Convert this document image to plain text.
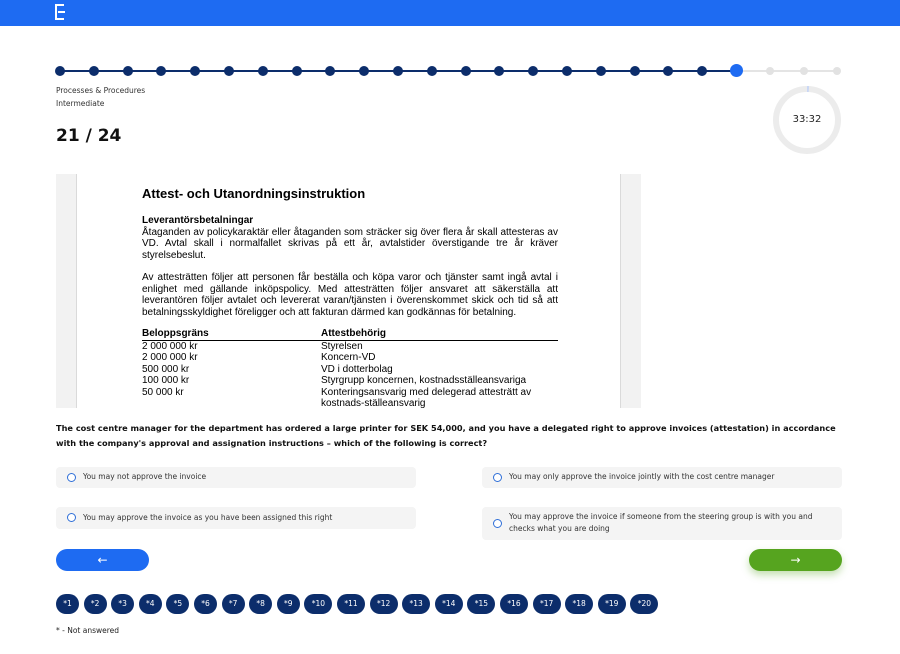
Processes & Procedures
Intermediate
21 / 24
33:32
Attest- och Utanordningsinstruktion
Leverantörsbetalningar
Åtaganden av policykaraktär eller åtaganden som sträcker sig över flera år skall attesteras av VD. Avtal skall i normalfallet skrivas på ett år, avtalstider överstigande tre år kräver styrelsebeslut.
Av attesträtten följer att personen får beställa och köpa varor och tjänster samt ingå avtal i enlighet med gällande inköpspolicy. Med attesträtten följer ansvaret att säkerställa att leverantören följer avtalet och levererat varan/tjänsten i överenskommet skick och tid så att betalningsskyldighet föreligger och att fakturan därmed kan godkännas för betalning.
Beloppsgräns	Attestbehörig
2 000 000 kr	Styrelsen
2 000 000 kr	Koncern-VD
500 000 kr	VD i dotterbolag
100 000 kr	Styrgrupp koncernen, kostnadsställeansvariga
50 000 kr	Konteringsansvarig med delegerad attesträtt av kostnads-ställeansvarig
The cost centre manager for the department has ordered a large printer for SEK 54,000, and you have a delegated right to approve invoices (attestation) in accordance with the company's approval and assignation instructions – which of the following is correct?
You may not approve the invoice	You may only approve the invoice jointly with the cost centre manager
You may approve the invoice as you have been assigned this right	You may approve the invoice if someone from the steering group is with you and checks what you are doing
←	→
*1	*2	*3	*4	*5	*6	*7	*8	*9	*10	*11	*12	*13	*14	*15	*16	*17	*18	*19	*20
* - Not answered
